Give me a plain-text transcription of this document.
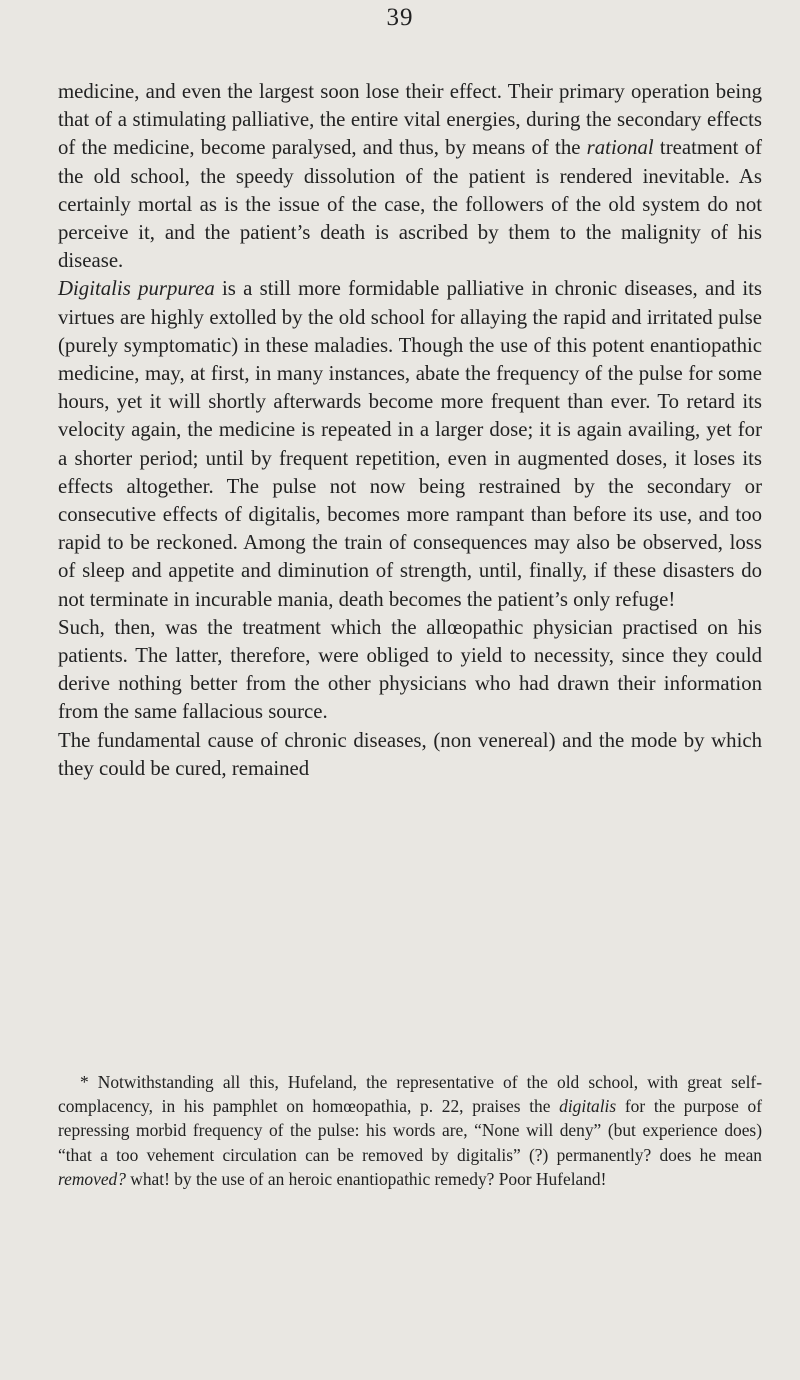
39

medicine, and even the largest soon lose their effect. Their primary operation being that of a stimulating palliative, the entire vital energies, during the secondary effects of the medicine, become paralysed, and thus, by means of the rational treatment of the old school, the speedy dissolution of the patient is rendered inevitable. As certainly mortal as is the issue of the case, the followers of the old system do not perceive it, and the patient’s death is ascribed by them to the malignity of his disease.

Digitalis purpurea is a still more formidable palliative in chronic diseases, and its virtues are highly extolled by the old school for allaying the rapid and irritated pulse (purely symptomatic) in these maladies. Though the use of this potent enantiopathic medicine, may, at first, in many instances, abate the frequency of the pulse for some hours, yet it will shortly afterwards become more frequent than ever. To retard its velocity again, the medicine is repeated in a larger dose; it is again availing, yet for a shorter period; until by frequent repetition, even in augmented doses, it loses its effects altogether. The pulse not now being restrained by the secondary or consecutive effects of digitalis, becomes more rampant than before its use, and too rapid to be reckoned. Among the train of consequences may also be observed, loss of sleep and appetite and diminution of strength, until, finally, if these disasters do not terminate in incurable mania, death becomes the patient’s only refuge!

Such, then, was the treatment which the allœopathic physician practised on his patients. The latter, therefore, were obliged to yield to necessity, since they could derive nothing better from the other physicians who had drawn their information from the same fallacious source.

The fundamental cause of chronic diseases, (non venereal) and the mode by which they could be cured, remained

* Notwithstanding all this, Hufeland, the representative of the old school, with great self-complacency, in his pamphlet on homœopathia, p. 22, praises the digitalis for the purpose of repressing morbid frequency of the pulse: his words are, “None will deny” (but experience does) “that a too vehement circulation can be removed by digitalis” (?) permanently? does he mean removed? what! by the use of an heroic enantiopathic remedy? Poor Hufeland!
